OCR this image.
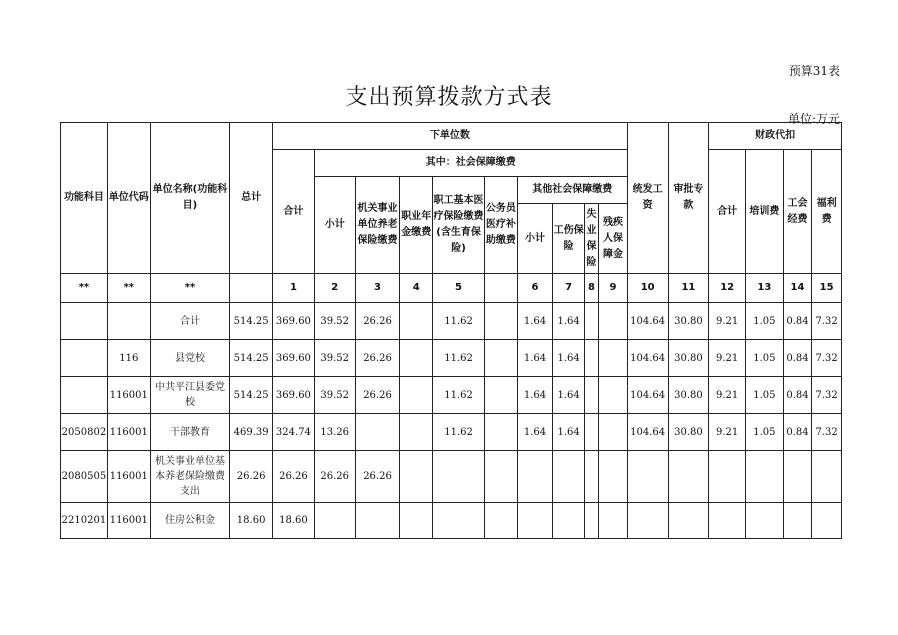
预算31表
支出预算拨款方式表
单位:万元
功能科目	单位代码	单位名称(功能科目)	总计	下单位数										统发工资	审批专款	财政代扣			
				合计	其中：社会保障缴费											合计	培训费	工会经费	福利费
					小计	机关事业单位养老保险缴费	职业年金缴费	职工基本医疗保险缴费(含生育保险)	公务员医疗补助缴费	其他社会保障缴费									
										小计	工伤保险	失业保险	残疾人保障金						
**	**	**		1	2	3	4	5		6	7	8	9	10	11	12	13	14	15
		合计	514.25	369.60	39.52	26.26		11.62		1.64	1.64			104.64	30.80	9.21	1.05	0.84	7.32
	116	县党校	514.25	369.60	39.52	26.26		11.62		1.64	1.64			104.64	30.80	9.21	1.05	0.84	7.32
	116001	中共平江县委党校	514.25	369.60	39.52	26.26		11.62		1.64	1.64			104.64	30.80	9.21	1.05	0.84	7.32
2050802	116001	干部教育	469.39	324.74	13.26			11.62		1.64	1.64			104.64	30.80	9.21	1.05	0.84	7.32
2080505	116001	机关事业单位基本养老保险缴费支出	26.26	26.26	26.26	26.26													
2210201	116001	住房公积金	18.60	18.60															
